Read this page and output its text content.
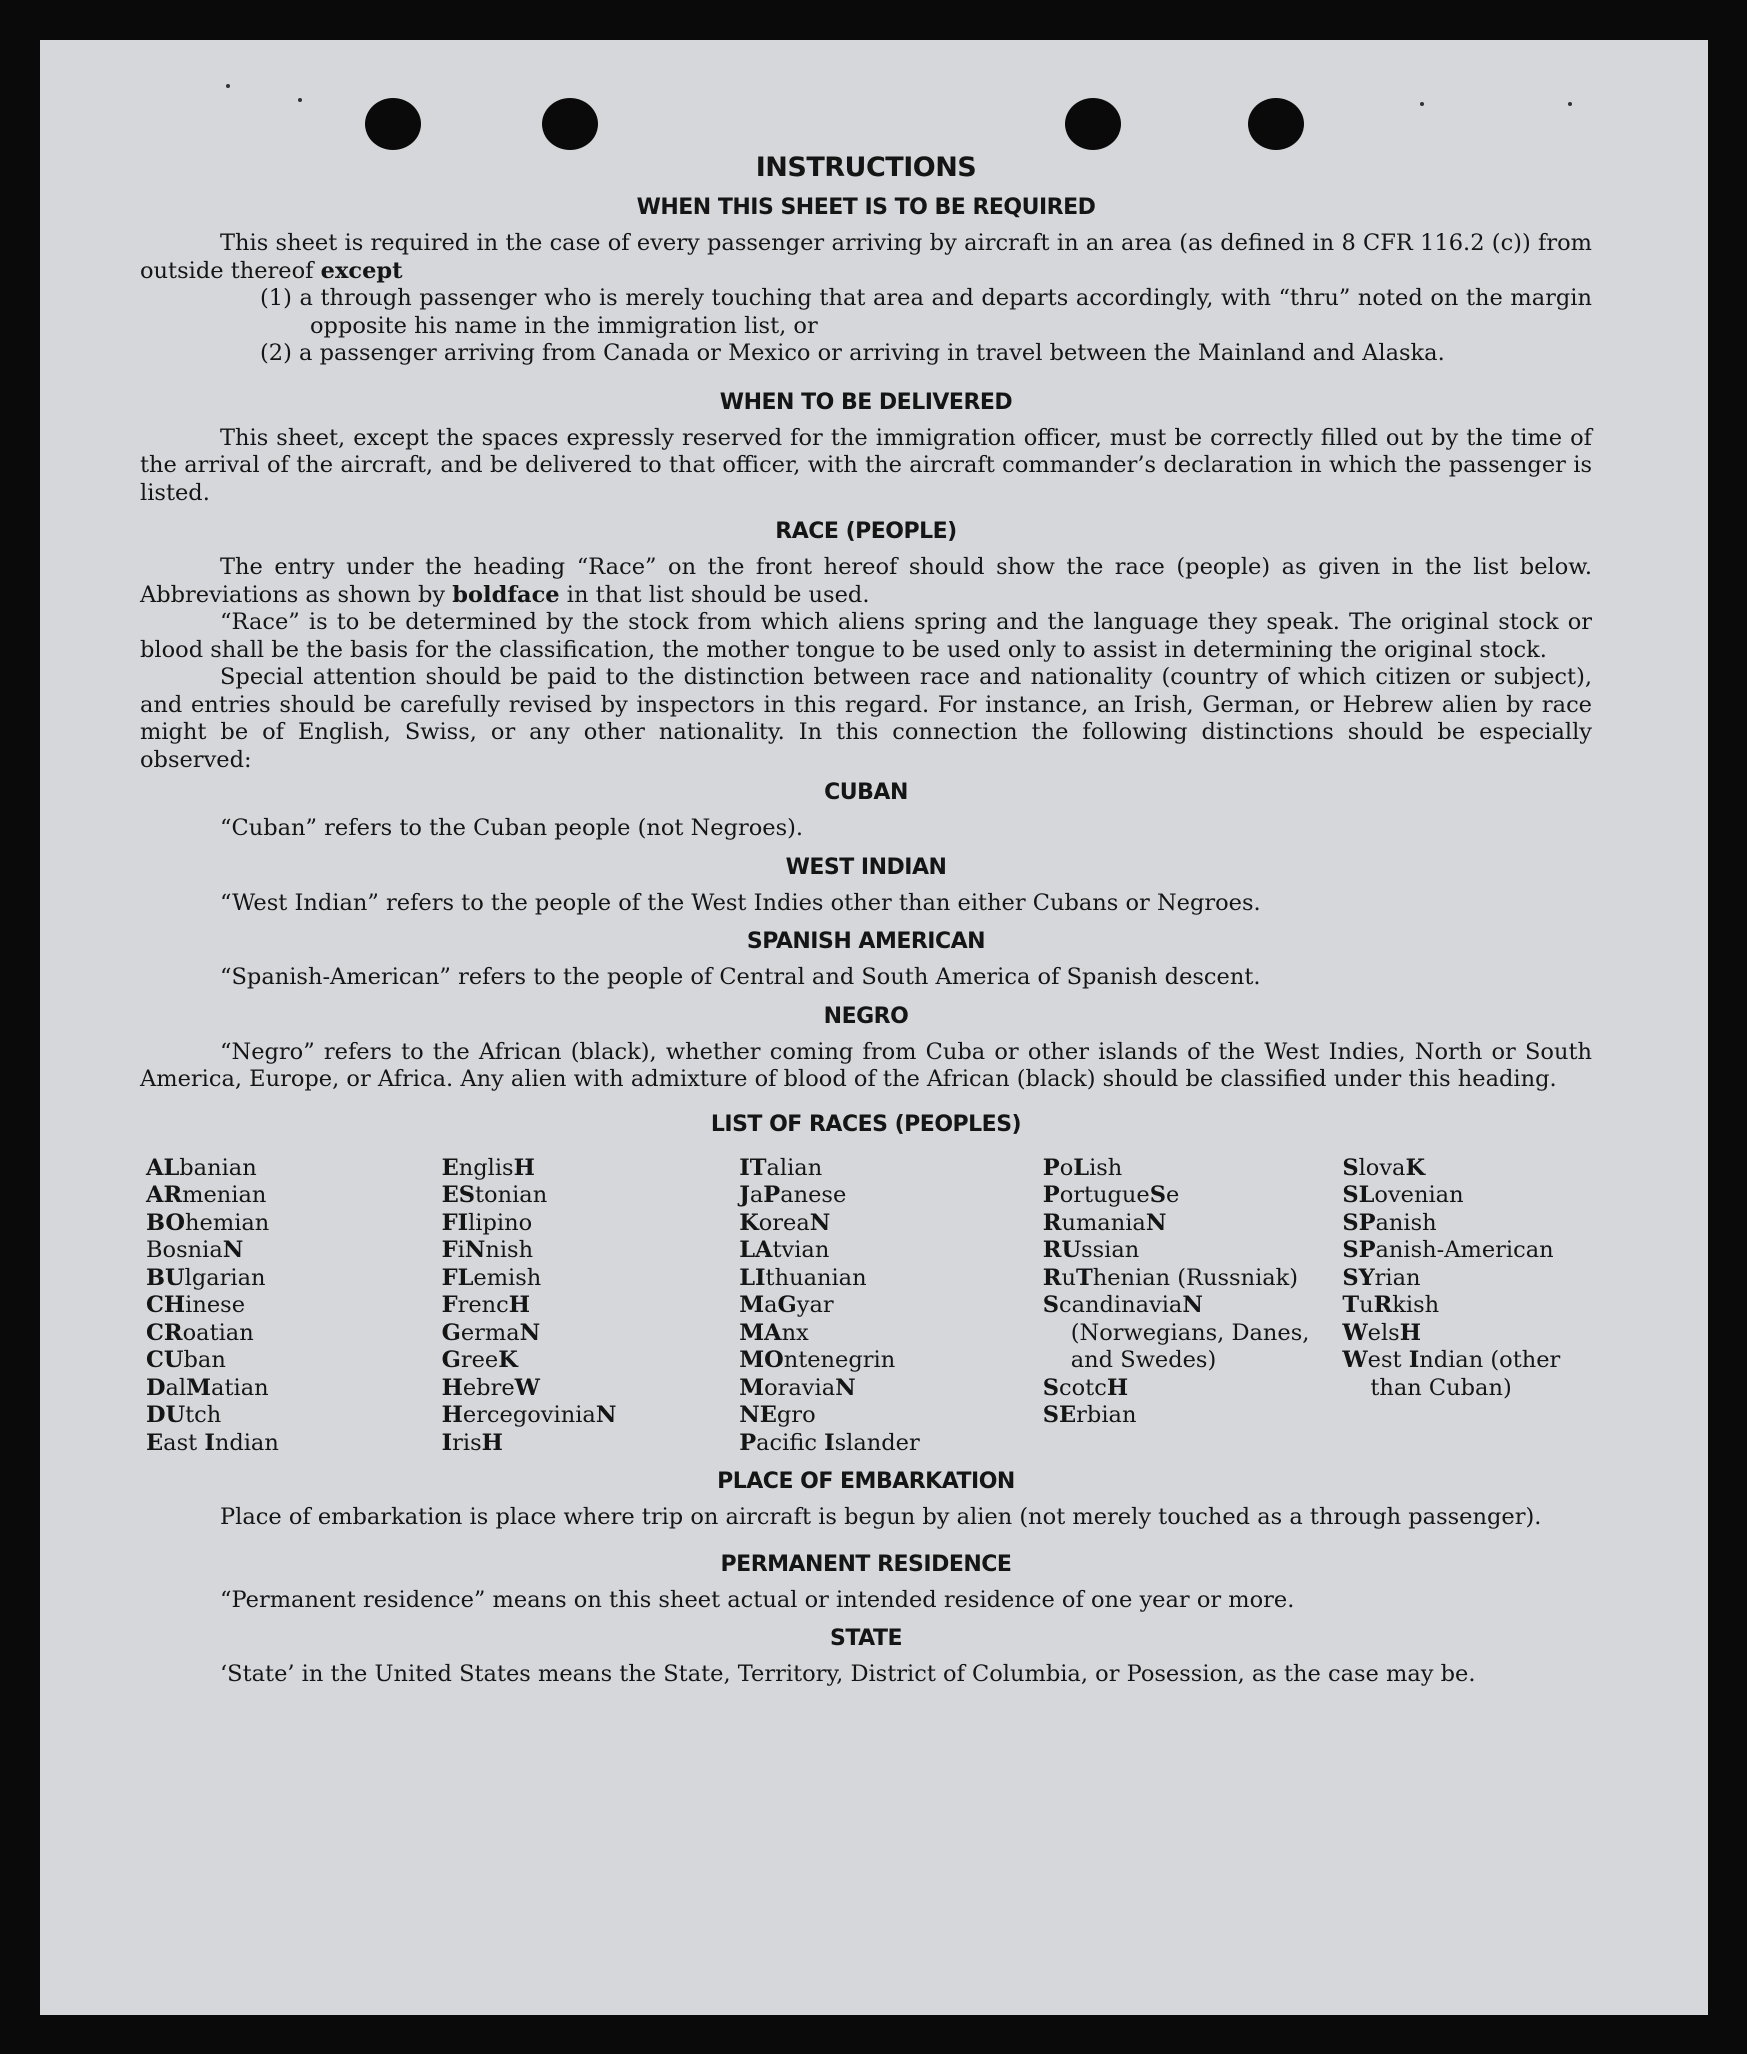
INSTRUCTIONS
WHEN THIS SHEET IS TO BE REQUIRED

This sheet is required in the case of every passenger arriving by aircraft in an area (as defined in 8 CFR 116.2 (c)) from outside thereof except

(1) a through passenger who is merely touching that area and departs accordingly, with “thru” noted on the margin opposite his name in the immigration list, or
(2) a passenger arriving from Canada or Mexico or arriving in travel between the Mainland and Alaska.
WHEN TO BE DELIVERED

This sheet, except the spaces expressly reserved for the immigration officer, must be correctly filled out by the time of the arrival of the aircraft, and be delivered to that officer, with the aircraft commander’s declaration in which the passenger is listed.

RACE (PEOPLE)

The entry under the heading “Race” on the front hereof should show the race (people) as given in the list below. Abbreviations as shown by boldface in that list should be used.

“Race” is to be determined by the stock from which aliens spring and the language they speak. The original stock or blood shall be the basis for the classification, the mother tongue to be used only to assist in determining the original stock.

Special attention should be paid to the distinction between race and nationality (country of which citizen or subject), and entries should be carefully revised by inspectors in this regard. For instance, an Irish, German, or Hebrew alien by race might be of English, Swiss, or any other nationality. In this connection the following distinctions should be especially observed:

CUBAN

“Cuban” refers to the Cuban people (not Negroes).

WEST INDIAN

“West Indian” refers to the people of the West Indies other than either Cubans or Negroes.

SPANISH AMERICAN

“Spanish-American” refers to the people of Central and South America of Spanish descent.

NEGRO

“Negro” refers to the African (black), whether coming from Cuba or other islands of the West Indies, North or South America, Europe, or Africa. Any alien with admixture of blood of the African (black) should be classified under this heading.

LIST OF RACES (PEOPLES)
ALbanian
ARmenian
BOhemian
BosniaN
BUlgarian
CHinese
CRoatian
CUban
DalMatian
DUtch
East Indian
EnglisH
EStonian
FIlipino
FiNnish
FLemish
FrencH
GermaN
GreeK
HebreW
HercegoviniaN
IrisH
ITalian
JaPanese
KoreaN
LAtvian
LIthuanian
MaGyar
MAnx
MOntenegrin
MoraviaN
NEgro
Pacific Islander
PoLish
PortugueSe
RumaniaN
RUssian
RuThenian (Russniak)
ScandinaviaN (Norwegians, Danes, and Swedes)
ScotcH
SErbian
SlovaK
SLovenian
SPanish
SPanish-American
SYrian
TuRkish
WelsH
West Indian (other than Cuban)
PLACE OF EMBARKATION

Place of embarkation is place where trip on aircraft is begun by alien (not merely touched as a through passenger).

PERMANENT RESIDENCE

“Permanent residence” means on this sheet actual or intended residence of one year or more.

STATE

‘State’ in the United States means the State, Territory, District of Columbia, or Posession, as the case may be.
